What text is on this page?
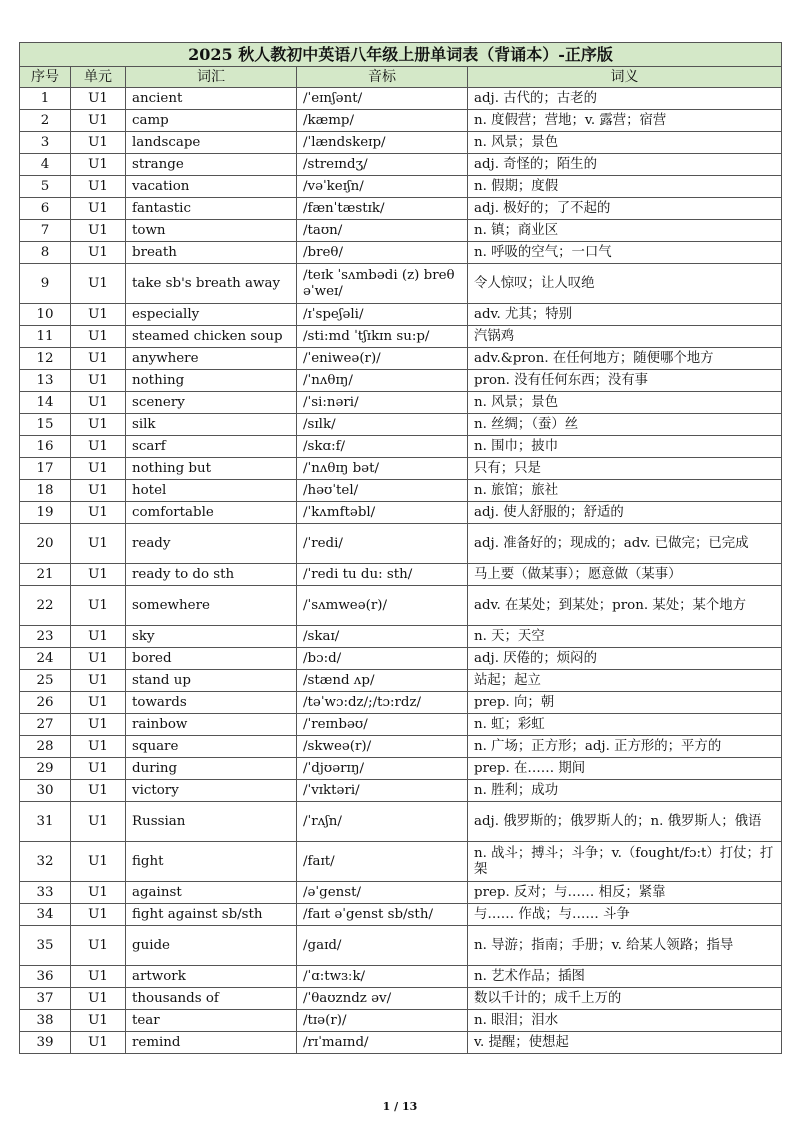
2025 秋人教初中英语八年级上册单词表（背诵本）-正序版				
序号	单元	词汇	音标	词义
1	U1	ancient	/ˈeɪnʃənt/	adj. 古代的；古老的
2	U1	camp	/kæmp/	n. 度假营；营地；v. 露营；宿营
3	U1	landscape	/ˈlændskeɪp/	n. 风景；景色
4	U1	strange	/streɪndʒ/	adj. 奇怪的；陌生的
5	U1	vacation	/vəˈkeɪʃn/	n. 假期；度假
6	U1	fantastic	/fænˈtæstɪk/	adj. 极好的；了不起的
7	U1	town	/taʊn/	n. 镇；商业区
8	U1	breath	/breθ/	n. 呼吸的空气；一口气
9	U1	take sb's breath away	/teɪk ˈsʌmbədi (z) breθ əˈweɪ/	令人惊叹；让人叹绝
10	U1	especially	/ɪˈspeʃəli/	adv. 尤其；特别
11	U1	steamed chicken soup	/sti:md ˈtʃɪkɪn su:p/	汽锅鸡
12	U1	anywhere	/ˈeniweə(r)/	adv.&pron. 在任何地方；随便哪个地方
13	U1	nothing	/ˈnʌθɪŋ/	pron. 没有任何东西；没有事
14	U1	scenery	/ˈsi:nəri/	n. 风景；景色
15	U1	silk	/sɪlk/	n. 丝绸；（蚕）丝
16	U1	scarf	/skɑ:f/	n. 围巾；披巾
17	U1	nothing but	/ˈnʌθɪŋ bət/	只有；只是
18	U1	hotel	/həʊˈtel/	n. 旅馆；旅社
19	U1	comfortable	/ˈkʌmftəbl/	adj. 使人舒服的；舒适的
20	U1	ready	/ˈredi/	adj. 准备好的；现成的；adv. 已做完；已完成
21	U1	ready to do sth	/ˈredi tu du: sth/	马上要（做某事）；愿意做（某事）
22	U1	somewhere	/ˈsʌmweə(r)/	adv. 在某处；到某处；pron. 某处；某个地方
23	U1	sky	/skaɪ/	n. 天；天空
24	U1	bored	/bɔ:d/	adj. 厌倦的；烦闷的
25	U1	stand up	/stænd ʌp/	站起；起立
26	U1	towards	/təˈwɔ:dz/;/tɔ:rdz/	prep. 向；朝
27	U1	rainbow	/ˈreɪnbəʊ/	n. 虹；彩虹
28	U1	square	/skweə(r)/	n. 广场；正方形；adj. 正方形的；平方的
29	U1	during	/ˈdjʊərɪŋ/	prep. 在…… 期间
30	U1	victory	/ˈvɪktəri/	n. 胜利；成功
31	U1	Russian	/ˈrʌʃn/	adj. 俄罗斯的；俄罗斯人的；n. 俄罗斯人；俄语
32	U1	fight	/faɪt/	n. 战斗；搏斗；斗争；v.（fought/fɔ:t）打仗；打架
33	U1	against	/əˈgenst/	prep. 反对；与…… 相反；紧靠
34	U1	fight against sb/sth	/faɪt əˈgenst sb/sth/	与…… 作战；与…… 斗争
35	U1	guide	/gaɪd/	n. 导游；指南；手册；v. 给某人领路；指导
36	U1	artwork	/ˈɑ:twɜːk/	n. 艺术作品；插图
37	U1	thousands of	/ˈθaʊzndz əv/	数以千计的；成千上万的
38	U1	tear	/tɪə(r)/	n. 眼泪；泪水
39	U1	remind	/rɪˈmaɪnd/	v. 提醒；使想起
1 / 13
